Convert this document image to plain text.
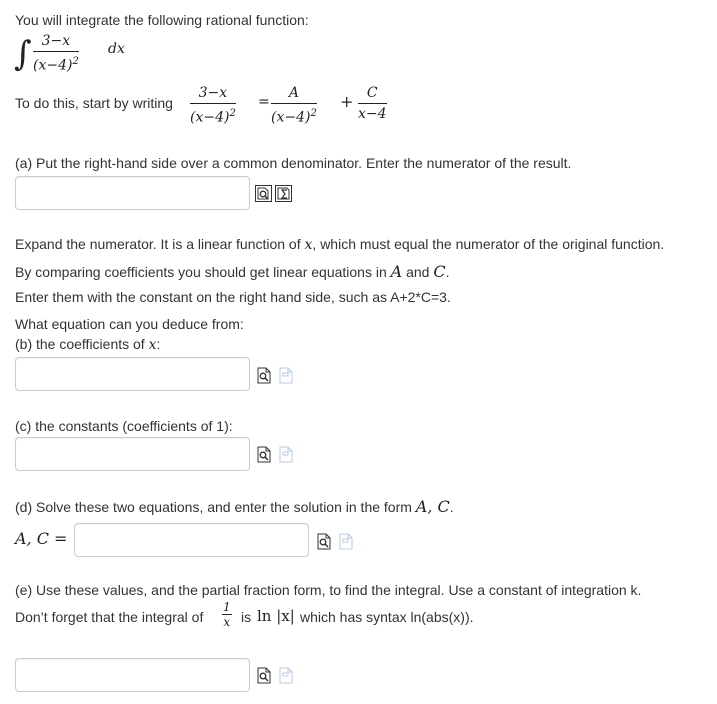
You will integrate the following rational function:
∫ $\frac{3-x}{(x-4)^2}$ dx
To do this, start by writing $\frac{3-x}{(x-4)^2} = \frac{A}{(x-4)^2} + \frac{C}{x-4}$
(a) Put the right-hand side over a common denominator. Enter the numerator of the result.
Expand the numerator. It is a linear function of x, which must equal the numerator of the original function.
By comparing coefficients you should get linear equations in A and C.
Enter them with the constant on the right hand side, such as A+2*C=3.
What equation can you deduce from:
(b) the coefficients of x:
(c) the constants (coefficients of 1):
(d) Solve these two equations, and enter the solution in the form A, C.
A, C =
(e) Use these values, and the partial fraction form, to find the integral. Use a constant of integration k.
Don’t forget that the integral of $\frac{1}{x}$ is ln |x| which has syntax ln(abs(x)).
